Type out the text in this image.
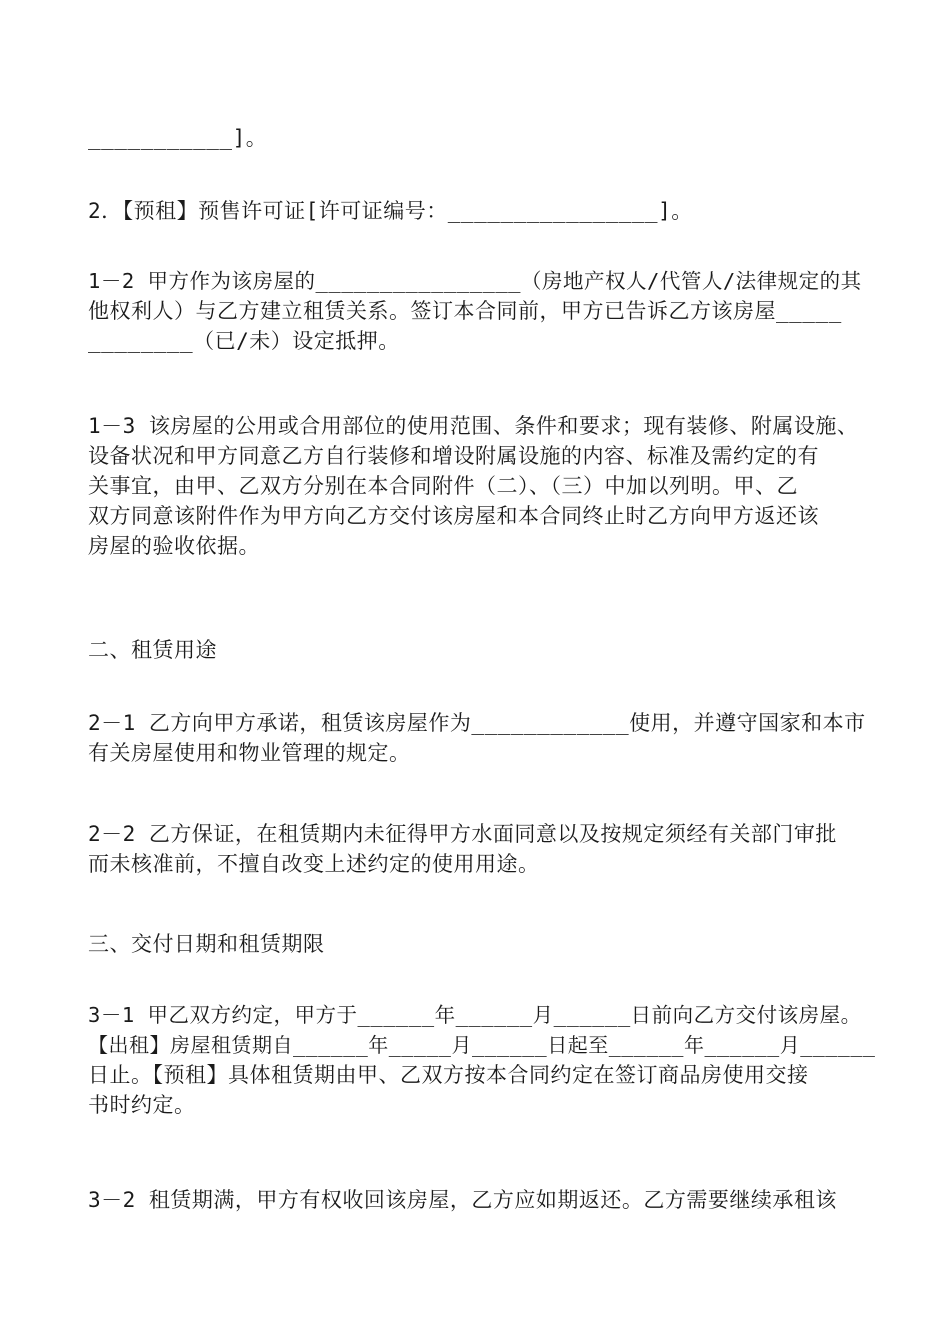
___________]。
2．【预租】预售许可证[许可证编号：________________]。
1－2 甲方作为该房屋的________________（房地产权人/代管人/法律规定的其
他权利人）与乙方建立租赁关系。签订本合同前，甲方已告诉乙方该房屋_____
________（已/未）设定抵押。
1－3 该房屋的公用或合用部位的使用范围、条件和要求；现有装修、附属设施、
设备状况和甲方同意乙方自行装修和增设附属设施的内容、标准及需约定的有
关事宜，由甲、乙双方分别在本合同附件（二）、（三）中加以列明。甲、乙
双方同意该附件作为甲方向乙方交付该房屋和本合同终止时乙方向甲方返还该
房屋的验收依据。
二、租赁用途
2－1 乙方向甲方承诺，租赁该房屋作为____________使用，并遵守国家和本市
有关房屋使用和物业管理的规定。
2－2 乙方保证，在租赁期内未征得甲方水面同意以及按规定须经有关部门审批
而未核准前，不擅自改变上述约定的使用用途。
三、交付日期和租赁期限
3－1 甲乙双方约定，甲方于______年______月______日前向乙方交付该房屋。
【出租】房屋租赁期自______年_____月______日起至______年______月______
日止。【预租】具体租赁期由甲、乙双方按本合同约定在签订商品房使用交接
书时约定。
3－2 租赁期满，甲方有权收回该房屋，乙方应如期返还。乙方需要继续承租该
